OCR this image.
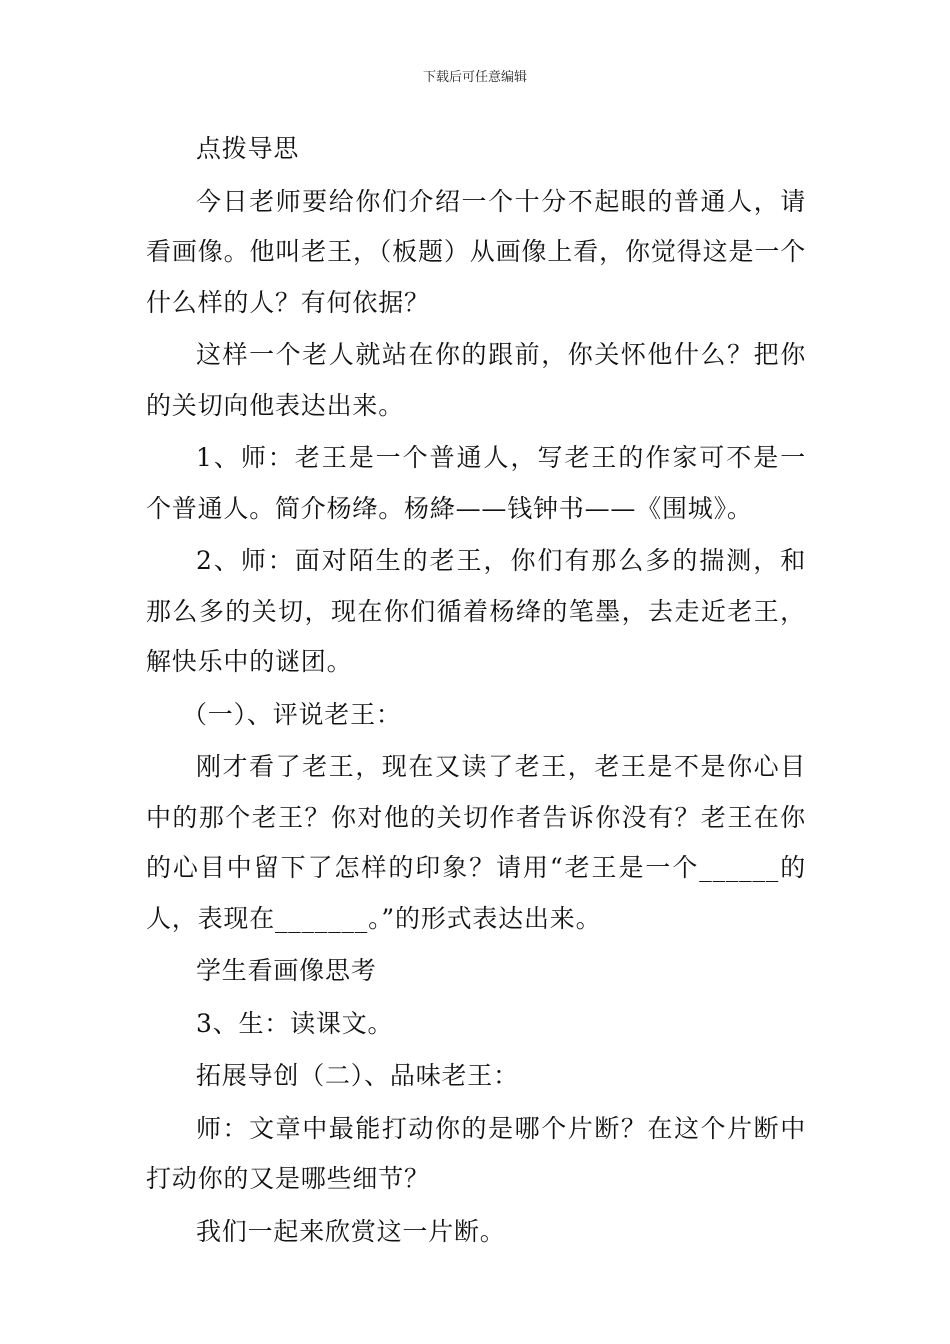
下载后可任意编辑

点拨导思

今日老师要给你们介绍一个十分不起眼的普通人，请看画像。他叫老王，（板题）从画像上看，你觉得这是一个什么样的人？有何依据？

这样一个老人就站在你的跟前，你关怀他什么？把你的关切向他表达出来。

1、师：老王是一个普通人，写老王的作家可不是一个普通人。简介杨绛。杨絳——钱钟书——《围城》。

2、师：面对陌生的老王，你们有那么多的揣测，和那么多的关切，现在你们循着杨绛的笔墨，去走近老王，解快乐中的谜团。

（一）、评说老王：

刚才看了老王，现在又读了老王，老王是不是你心目中的那个老王？你对他的关切作者告诉你没有？老王在你的心目中留下了怎样的印象？请用“老王是一个______的人，表现在_______。”的形式表达出来。

学生看画像思考

3、生：读课文。

拓展导创（二）、品味老王：

师：文章中最能打动你的是哪个片断？在这个片断中打动你的又是哪些细节？

我们一起来欣赏这一片断。
